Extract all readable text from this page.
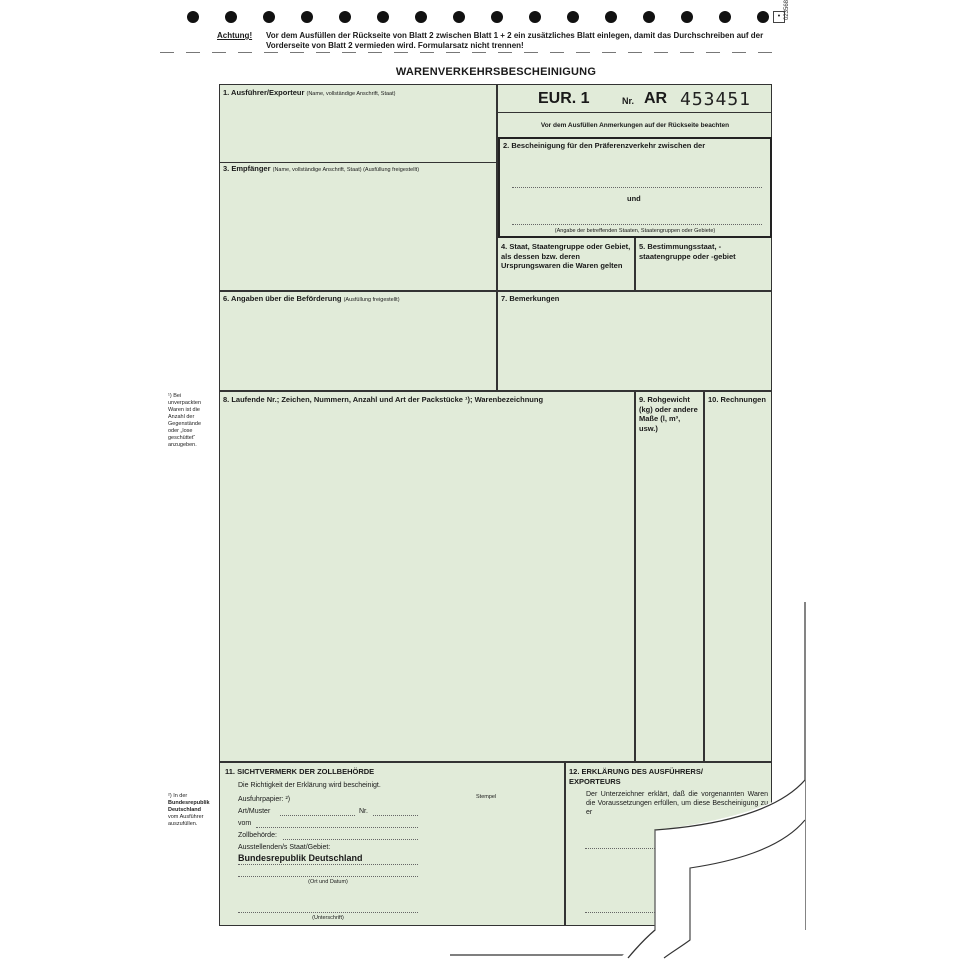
• 023568
Achtung! Vor dem Ausfüllen der Rückseite von Blatt 2 zwischen Blatt 1 + 2 ein zusätzliches Blatt einlegen, damit das Durchschreiben auf der Vorderseite von Blatt 2 vermieden wird. Formularsatz nicht trennen!
WARENVERKEHRSBESCHEINIGUNG
EUR. 1	Nr. AR 453451
Vor dem Ausfüllen Anmerkungen auf der Rückseite beachten
1. Ausführer/Exporteur (Name, vollständige Anschrift, Staat)
2. Bescheinigung für den Präferenzverkehr zwischen der
und
(Angabe der betreffenden Staaten, Staatengruppen oder Gebiete)
3. Empfänger (Name, vollständige Anschrift, Staat) (Ausfüllung freigestellt)
4. Staat, Staatengruppe oder Gebiet, als dessen bzw. deren Ursprungswaren die Waren gelten
5. Bestimmungsstaat, -staatengruppe oder -gebiet
6. Angaben über die Beförderung (Ausfüllung freigestellt)	7. Bemerkungen
8. Laufende Nr.; Zeichen, Nummern, Anzahl und Art der Packstücke ¹); Warenbezeichnung	9. Rohgewicht (kg) oder andere Maße (l, m³, usw.)
10. Rechnungen
11. SICHTVERMERK DER ZOLLBEHÖRDE
Die Richtigkeit der Erklärung wird bescheinigt.
Ausfuhrpapier: ²)	Stempel
Art/Muster	Nr.
vom
Zollbehörde:
Ausstellenden/s Staat/Gebiet:
Bundesrepublik Deutschland
(Ort und Datum)
(Unterschrift)
12. ERKLÄRUNG DES AUSFÜHRERS/ EXPORTEURS
Der Unterzeichner erklärt, daß die vorgenannten Waren die Voraussetzungen erfüllen, um diese Bescheinigung zu er
¹) Bei unverpackten Waren ist die Anzahl der Gegenstände oder „lose geschüttet“ anzugeben.
²) In der
Bundesrepublik Deutschland
vom Ausführer auszufüllen.
